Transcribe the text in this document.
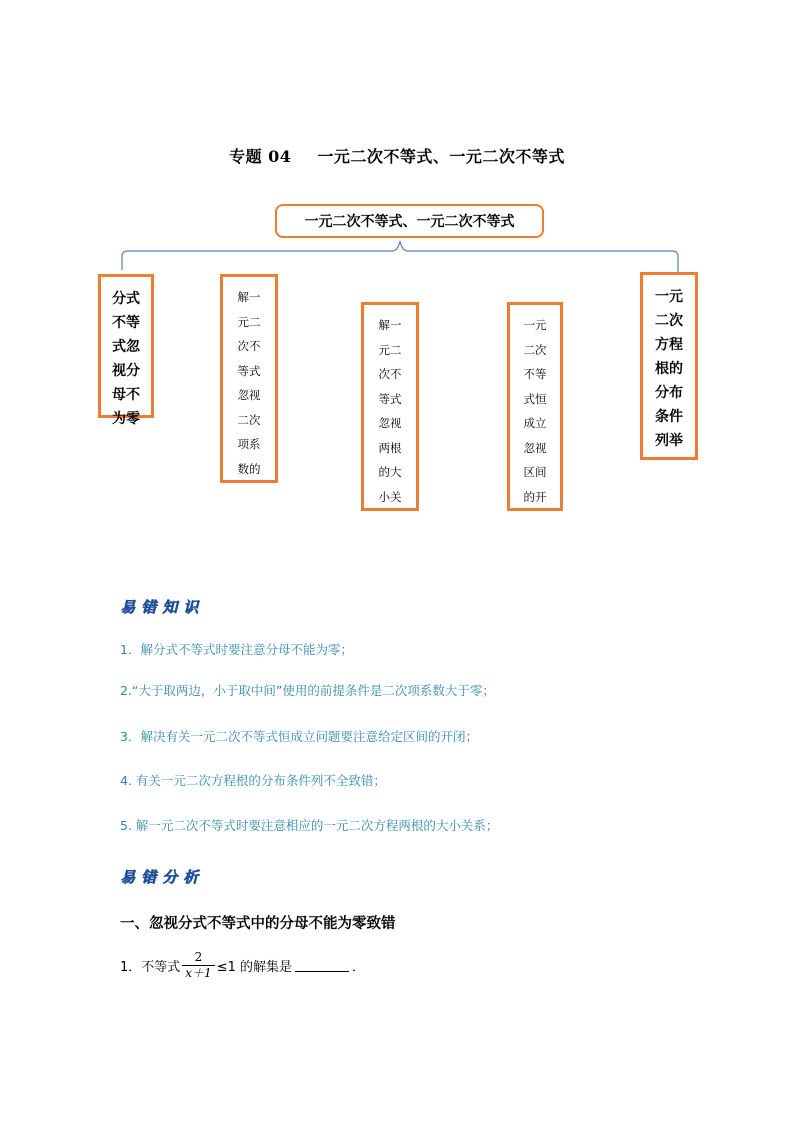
专题 04 一元二次不等式、一元二次不等式
一元二次不等式、一元二次不等式
分式
不等
式忽
视分
母不
为零
解一
元二
次不
等式
忽视
二次
项系
数的
解一
元二
次不
等式
忽视
两根
的大
小关
一元
二次
不等
式恒
成立
忽视
区间
的开
一元
二次
方程
根的
分布
条件
列举
易错知识
1．解分式不等式时要注意分母不能为零；
2.“大于取两边，小于取中间”使用的前提条件是二次项系数大于零；
3．解决有关一元二次不等式恒成立问题要注意给定区间的开闭；
4. 有关一元二次方程根的分布条件列不全致错；
5. 解一元二次不等式时要注意相应的一元二次方程两根的大小关系；
易错分析
一、忽视分式不等式中的分母不能为零致错
1．不等式 $\frac{2}{x+1} \le 1$ 的解集是	．
